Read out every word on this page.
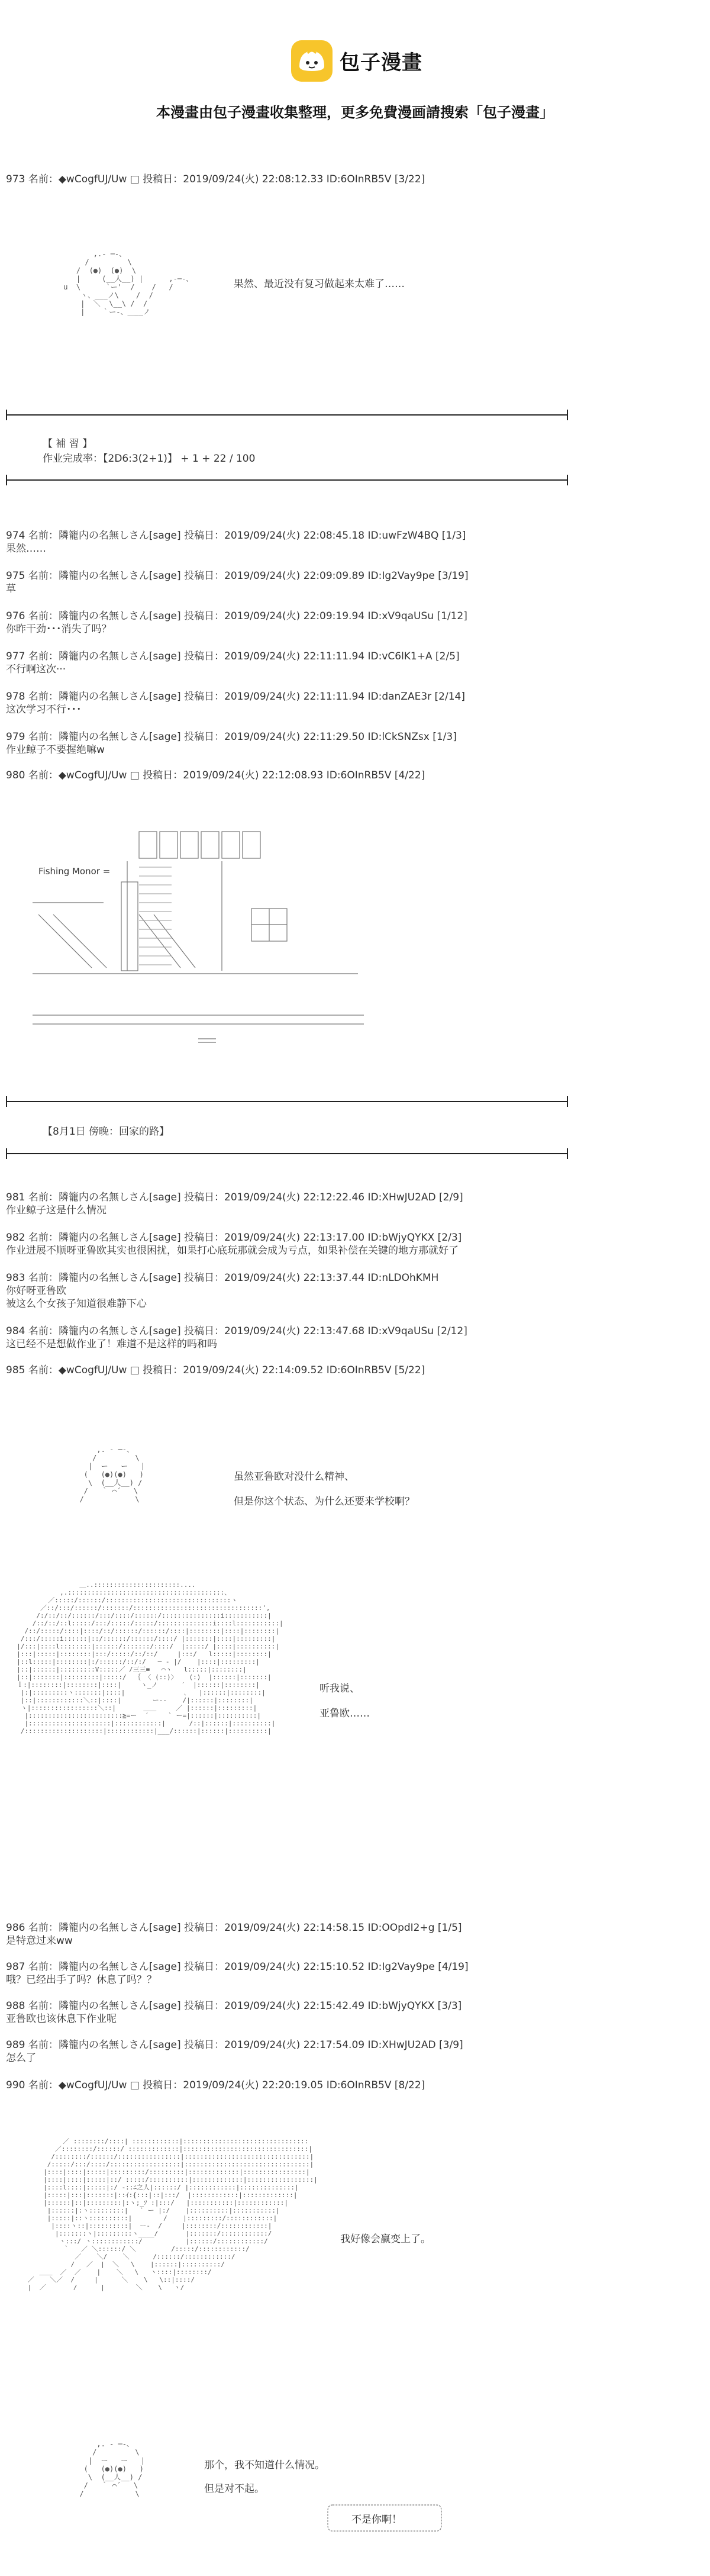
包子漫畫
本漫畫由包子漫畫收集整理，更多免費漫画請搜索「包子漫畫」
973 名前：◆wCogfUJ/Uw □ 投稿日：2019/09/24(火) 22:08:12.33 ID:6OInRB5V [3/22]
,.- ─-、
/         \
/  (●)  (●)  \
|     (__人__) |      ,-─-、
u  \      `ー'  /    /   /
ヽ、___ノ\    /  /
|  ＼  \__\ /  /
|    ｀ー-、＿__ノ
果然、最近没有复习做起来太难了……
【 補 習 】
作业完成率：【2D6:3(2+1)】 + 1 + 22 / 100
974 名前：隣籠内の名無しさん[sage] 投稿日：2019/09/24(火) 22:08:45.18 ID:uwFzW4BQ [1/3]
果然……
975 名前：隣籠内の名無しさん[sage] 投稿日：2019/09/24(火) 22:09:09.89 ID:Ig2Vay9pe [3/19]
草
976 名前：隣籠内の名無しさん[sage] 投稿日：2019/09/24(火) 22:09:19.94 ID:xV9qaUSu [1/12]
你昨干劲･･･消失了吗？
977 名前：隣籠内の名無しさん[sage] 投稿日：2019/09/24(火) 22:11:11.94 ID:vC6lK1+A [2/5]
不行啊这次···
978 名前：隣籠内の名無しさん[sage] 投稿日：2019/09/24(火) 22:11:11.94 ID:danZAE3r [2/14]
这次学习不行･･･
979 名前：隣籠内の名無しさん[sage] 投稿日：2019/09/24(火) 22:11:29.50 ID:lCkSNZsx [1/3]
作业鲸子不要握绝嘛w
980 名前：◆wCogfUJ/Uw □ 投稿日：2019/09/24(火) 22:12:08.93 ID:6OInRB5V [4/22]
Fishing Monor =
【8月1日 傍晚：回家的路】
981 名前：隣籠内の名無しさん[sage] 投稿日：2019/09/24(火) 22:12:22.46 ID:XHwJU2AD [2/9]
作业鲸子这是什么情况
982 名前：隣籠内の名無しさん[sage] 投稿日：2019/09/24(火) 22:13:17.00 ID:bWjyQYKX [2/3]
作业进展不顺呀亚鲁欧其实也很困扰，如果打心底玩那就会成为亏点，如果补偿在关键的地方那就好了
983 名前：隣籠内の名無しさん[sage] 投稿日：2019/09/24(火) 22:13:37.44 ID:nLDOhKMH
你好呀亚鲁欧
被这么个女孩子知道很难静下心
984 名前：隣籠内の名無しさん[sage] 投稿日：2019/09/24(火) 22:13:47.68 ID:xV9qaUSu [2/12]
这已经不是想做作业了！难道不是这样的吗和吗
985 名前：◆wCogfUJ/Uw □ 投稿日：2019/09/24(火) 22:14:09.52 ID:6OInRB5V [5/22]
,. - ─-、
/         \
|  ー   ー   |
(   (●)(●)   )
\  (__人__) /
/   ｀ ⌒´   \
/            \
虽然亚鲁欧对没什么精神、
但是你这个状态、为什么还要来学校啊？
＿..::::::::::::::::::::::....
,.::::::::::::::::::::::::::::::::::::::::、
／:::::/::::::/::::::::::::::::::::::::::::::::ヽ
／::/:::/::::::/:::::::/:::::::::::::::::::::::::::::::::',
/:/::/::/::::::/:::/::::/::::::/:::::::::::::::i:::::::::::|
/::/::/::l:::::/:::/:::::/:::::/::::::::::::::i::::l:::::::::::|
/::/:::::/::::|::::/::/::::::/::::::/::::|::::::::|::::|::::::::|
/:::/:::::i::::::|::/::::::/::::::/::::/ |:::::::|::::|:::::::::|
|/:::|::::l::::::::|::::::/:::::::/::::/  |:::::/ |::::|::::::::::|
|:::|:::::|::::::::|:::/:::::/::/::/     |:::/   l:::::|::::::::|
|::l:::::|::::::::|:/::::::/::/:/   ─ - |/    |::::|:::::::::|
|::|::::::|:::::::::V:::::／ /三三≡   ⌒ヽ   l:::::|::::::::|
|::|:::::::|:::::::::|:::::/  ｛ 〈 (::)〉   (:)  |::::::|:::::::|
ｌ:|::::::::|::::::::|::::|     ヽ_ノ      ′  |::::::|::::::::|
|:|:::::::::ヽ:::::::|::::|               ､   |::::::|::::::::|
|::|::::::::::::＼::|::::|        ー‐-    /|::::::|::::::::|
ヽ|:::::::::::::::::＼::|       ＿＿     ／ |::::::|:::::::::|
|::::::::::::::::::::::::≧=ー  ´     ` ー=|::::::|::::::::::|
|:::::::::::::::::::::|::::::::::::|      /::|::::::|::::::::::|
/::::::::::::::::::::|::::::::::::|___/::::::|::::::|::::::::::|
听我说、
亚鲁欧……
986 名前：隣籠内の名無しさん[sage] 投稿日：2019/09/24(火) 22:14:58.15 ID:OOpdI2+g [1/5]
是特意过来ww
987 名前：隣籠内の名無しさん[sage] 投稿日：2019/09/24(火) 22:15:10.52 ID:Ig2Vay9pe [4/19]
哦？已经出手了吗？休息了吗？？
988 名前：隣籠内の名無しさん[sage] 投稿日：2019/09/24(火) 22:15:42.49 ID:bWjyQYKX [3/3]
亚鲁欧也该休息下作业呢
989 名前：隣籠内の名無しさん[sage] 投稿日：2019/09/24(火) 22:17:54.09 ID:XHwJU2AD [3/9]
怎么了
990 名前：◆wCogfUJ/Uw □ 投稿日：2019/09/24(火) 22:20:19.05 ID:6OInRB5V [8/22]
／ ::::::::/::::| ::::::::::::|::::::::::::::::::::::::::::::::
／::::::::/::::::/ :::::::::::::|::::::::::::::::::::::::::::::::|
/::::::::/::::::/::::::::::::::::|::::::::::::::::::::::::::::::::|
/:::::/:::/::::/::::::::::::::::::|::::::::::::::::::::::::::::::::|
|::::|::::|:::::|:::::::::/:::::::::|:::::::::::::|::::::::::::::::|
|::::|::::|:::::|::/ :::::/::::::::::|:::::::::::::|:::::::::::::::::|
|::::l::::|:::::|:/ -::ﾆ之人|::::::/ |::::::::::::|::::::::::::::|
|:::::|:::|:::::::|::ｲ:{:::|::|:::/  |::::::::::::|:::::::::::::|
|::::::|::|:::::::::|:ヽ;_ｿ :|:::/   |:::::::::::|::::::::::::|
|::::::|:ヽ:::::::::|   ` ー |:/    |::::::::::|:::::::::::|
|:::::|::ヽ::::::::::|        /    |:::::::::/::::::::::::|
|::::ヽ::|::::::::::|  ー‐  /     |::::::::/::::::::::::|
|:::::::ヽ|:::::::::ヽ____/       |:::::::/::::::::::::/
ヽ:::/ ヽ::::::::::::/           |::::::/::::::::::::/
｀   ／ ＼::::::/ ＼         /:::::/::::::::::::/
／    ＼/    ＼      /::::::/::::::::::::/
/   ／  |  ＼   \    |::::::|::::::::::/
＿＿  ／  ／    |    ＼   \   ヽ::::|::::::::/
／    ＼／  /     |      ＼    \   \::|::::/
|  ／       /      |        ＼    \   ヽ/
我好像会赢变上了。
,. - ─-、
/         \
|  ー   ー   |
(   (●)(●)   )
\  (__人__) /
/   ｀ ⌒´   \
/            \
那个，我不知道什么情况。
但是对不起。
不是你啊！
